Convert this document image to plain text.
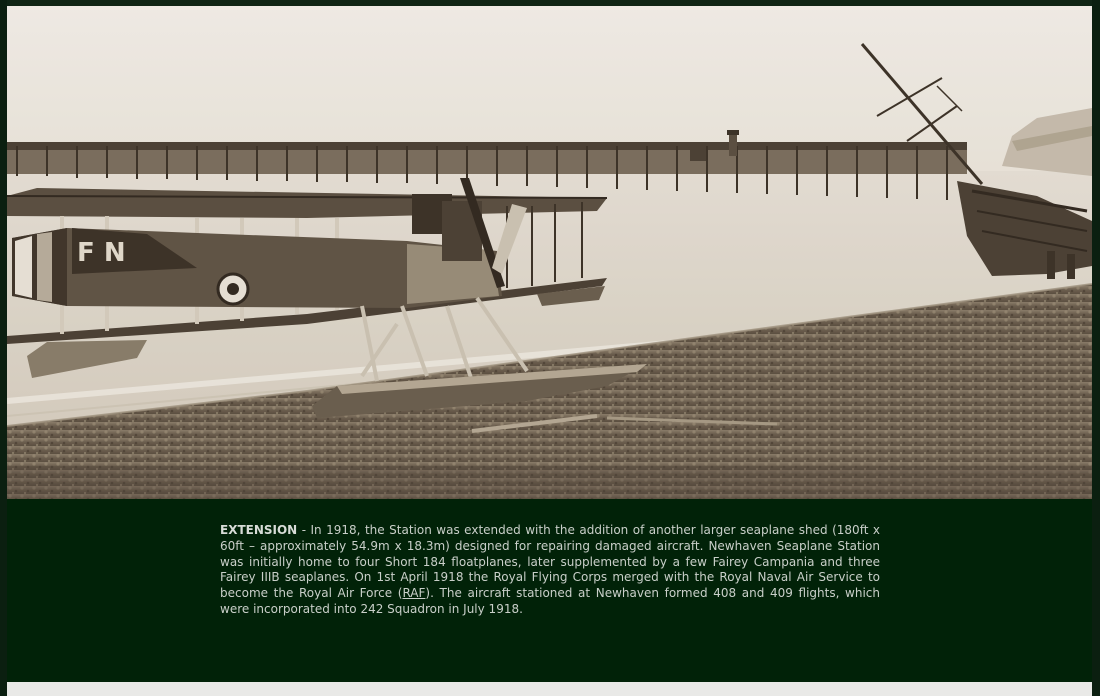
F N

EXTENSION - In 1918, the Station was extended with the addition of another larger seaplane shed (180ft x 60ft – approximately 54.9m x 18.3m) designed for repairing damaged aircraft. Newhaven Seaplane Station was initially home to four Short 184 floatplanes, later supplemented by a few Fairey Campania and three Fairey IIIB seaplanes. On 1st April 1918 the Royal Flying Corps merged with the Royal Naval Air Service to become the Royal Air Force (RAF). The aircraft stationed at Newhaven formed 408 and 409 flights, which were incorporated into 242 Squadron in July 1918.
